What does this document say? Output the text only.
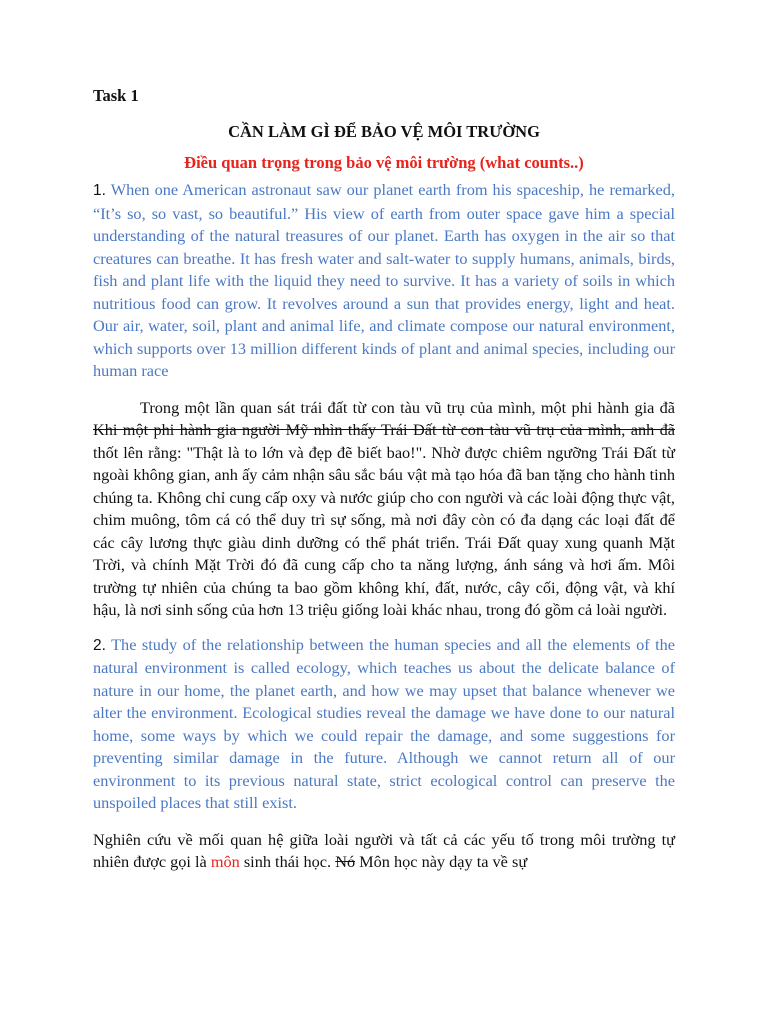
Task 1

CẦN LÀM GÌ ĐỂ BẢO VỆ MÔI TRƯỜNG

Điều quan trọng trong bảo vệ môi trường (what counts..)

1. When one American astronaut saw our planet earth from his spaceship, he remarked, “It’s so, so vast, so beautiful.” His view of earth from outer space gave him a special understanding of the natural treasures of our planet. Earth has oxygen in the air so that creatures can breathe. It has fresh water and salt-water to supply humans, animals, birds, fish and plant life with the liquid they need to survive. It has a variety of soils in which nutritious food can grow. It revolves around a sun that provides energy, light and heat. Our air, water, soil, plant and animal life, and climate compose our natural environment, which supports over 13 million different kinds of plant and animal species, including our human race

Trong một lần quan sát trái đất từ con tàu vũ trụ của mình, một phi hành gia đã Khi một phi hành gia người Mỹ nhìn thấy Trái Đất từ con tàu vũ trụ của mình, anh đã thốt lên rằng: "Thật là to lớn và đẹp đẽ biết bao!". Nhờ được chiêm ngưỡng Trái Đất từ ngoài không gian, anh ấy cảm nhận sâu sắc báu vật mà tạo hóa đã ban tặng cho hành tinh chúng ta. Không chỉ cung cấp oxy và nước giúp cho con người và các loài động thực vật, chim muông, tôm cá có thể duy trì sự sống, mà nơi đây còn có đa dạng các loại đất để các cây lương thực giàu dinh dưỡng có thể phát triển. Trái Đất quay xung quanh Mặt Trời, và chính Mặt Trời đó đã cung cấp cho ta năng lượng, ánh sáng và hơi ấm. Môi trường tự nhiên của chúng ta bao gồm không khí, đất, nước, cây cối, động vật, và khí hậu, là nơi sinh sống của hơn 13 triệu giống loài khác nhau, trong đó gồm cả loài người.

2. The study of the relationship between the human species and all the elements of the natural environment is called ecology, which teaches us about the delicate balance of nature in our home, the planet earth, and how we may upset that balance whenever we alter the environment. Ecological studies reveal the damage we have done to our natural home, some ways by which we could repair the damage, and some suggestions for preventing similar damage in the future. Although we cannot return all of our environment to its previous natural state, strict ecological control can preserve the unspoiled places that still exist.

Nghiên cứu về mối quan hệ giữa loài người và tất cả các yếu tố trong môi trường tự nhiên được gọi là môn sinh thái học. Nó Môn học này dạy ta về sự
